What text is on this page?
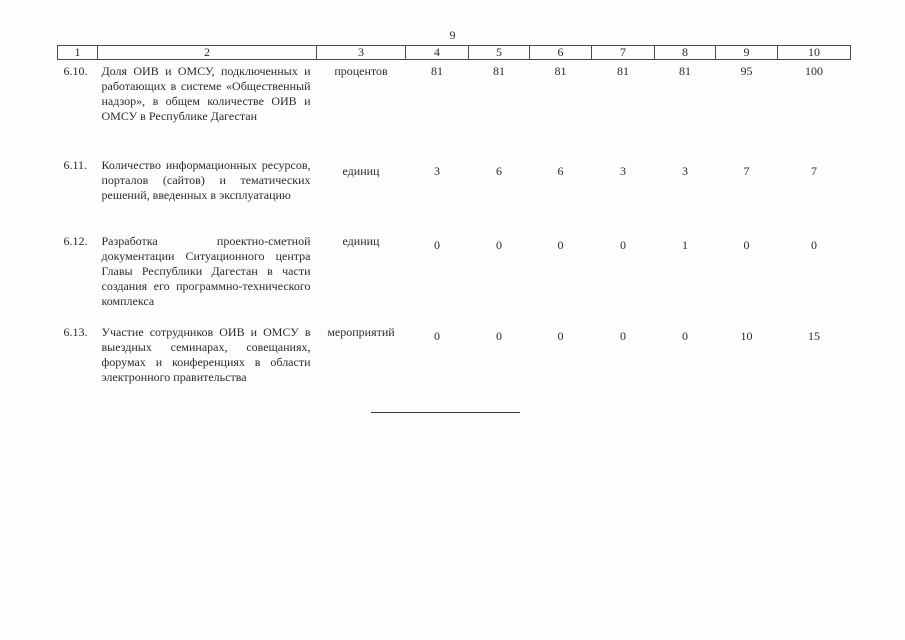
9
1	2	3	4	5	6	7	8	9	10
6.10.	Доля ОИВ и ОМСУ, подключенных и работающих в системе «Общественный надзор», в общем количестве ОИВ и ОМСУ в Республике Дагестан	процентов	81	81	81	81	81	95	100
6.11.	Количество информационных ресурсов, порталов (сайтов) и тематических решений, введенных в эксплуатацию	единиц	3	6	6	3	3	7	7
6.12.	Разработка проектно-сметной документации Ситуационного центра Главы Республики Дагестан в части создания его программно-технического комплекса	единиц	0	0	0	0	1	0	0
6.13.	Участие сотрудников ОИВ и ОМСУ в выездных семинарах, совещаниях, форумах и конференциях в области электронного правительства	мероприятий	0	0	0	0	0	10	15
